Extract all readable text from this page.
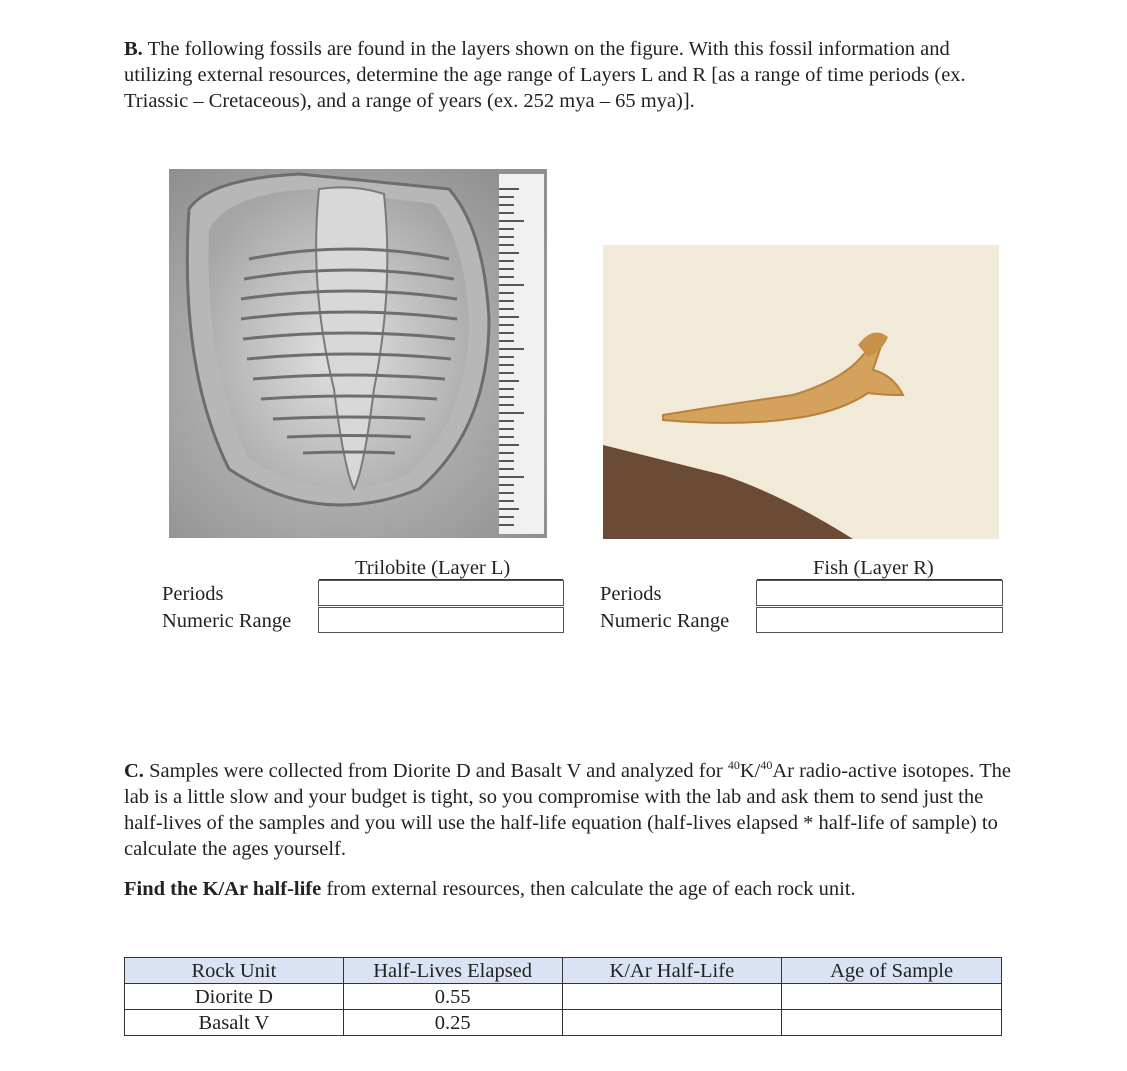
B. The following fossils are found in the layers shown on the figure. With this fossil information and utilizing external resources, determine the age range of Layers L and R [as a range of time periods (ex. Triassic – Cretaceous), and a range of years (ex. 252 mya – 65 mya)].

Trilobite (Layer L)	Fish (Layer R)
Periods
Numeric Range
Periods
Numeric Range

C. Samples were collected from Diorite D and Basalt V and analyzed for $^{40}$K/$^{40}$Ar radio-active isotopes. The lab is a little slow and your budget is tight, so you compromise with the lab and ask them to send just the half-lives of the samples and you will use the half-life equation (half-lives elapsed * half-life of sample) to calculate the ages yourself.

Find the K/Ar half-life from external resources, then calculate the age of each rock unit.

Rock Unit	Half-Lives Elapsed	K/Ar Half-Life	Age of Sample
Diorite D	0.55		
Basalt V	0.25		
